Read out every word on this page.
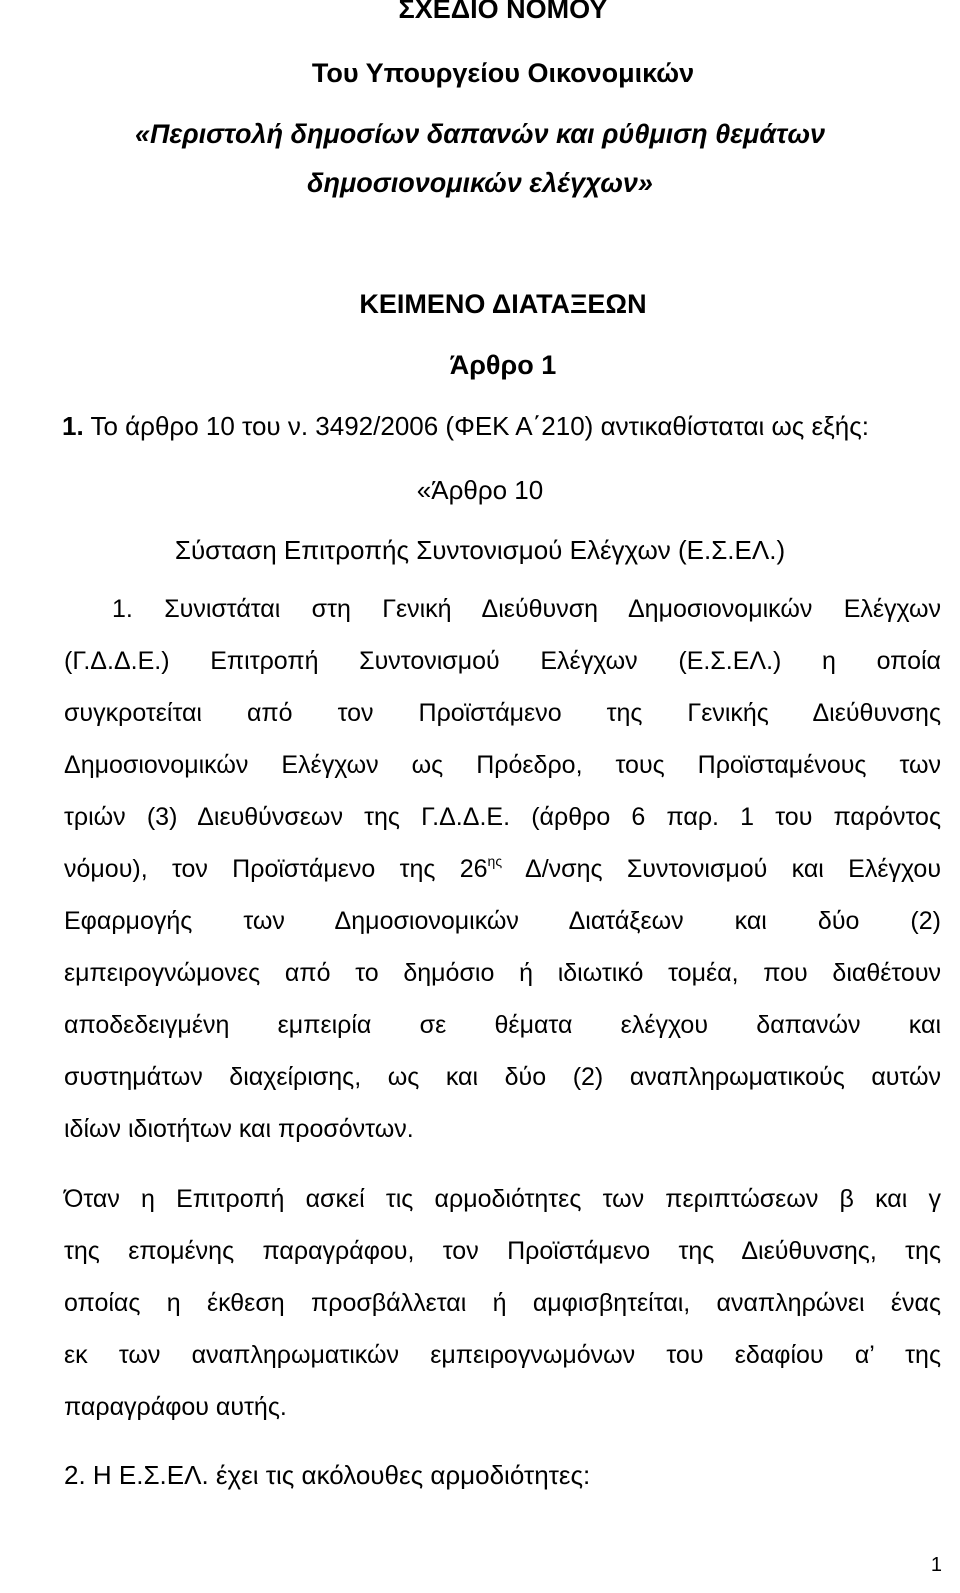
ΣΧΕΔΙΟ ΝΟΜΟΥ
Του Υπουργείου Οικονομικών
«Περιστολή δημοσίων δαπανών και ρύθμιση θεμάτων
δημοσιονομικών ελέγχων»
ΚΕΙΜΕΝΟ ΔΙΑΤΑΞΕΩΝ
Άρθρο 1
1. Το άρθρο 10 του ν. 3492/2006 (ΦΕΚ Α΄210) αντικαθίσταται ως εξής:
«Άρθρο 10
Σύσταση Επιτροπής Συντονισμού Ελέγχων (Ε.Σ.ΕΛ.)
1. Συνιστάται στη Γενική Διεύθυνση Δημοσιονομικών Ελέγχων
(Γ.Δ.Δ.Ε.) Επιτροπή Συντονισμού Ελέγχων (Ε.Σ.ΕΛ.) η οποία
συγκροτείται από τον Προϊστάμενο της Γενικής Διεύθυνσης
Δημοσιονομικών Ελέγχων ως Πρόεδρο, τους Προϊσταμένους των
τριών (3) Διευθύνσεων της Γ.Δ.Δ.Ε. (άρθρο 6 παρ. 1 του παρόντος
νόμου), τον Προϊστάμενο της $26^{\eta\varsigma}$ Δ/νσης Συντονισμού και Ελέγχου
Εφαρμογής των Δημοσιονομικών Διατάξεων και δύο (2)
εμπειρογνώμονες από το δημόσιο ή ιδιωτικό τομέα, που διαθέτουν
αποδεδειγμένη εμπειρία σε θέματα ελέγχου δαπανών και
συστημάτων διαχείρισης, ως και δύο (2) αναπληρωματικούς αυτών
ιδίων ιδιοτήτων και προσόντων.
Όταν η Επιτροπή ασκεί τις αρμοδιότητες των περιπτώσεων β και γ
της επομένης παραγράφου, τον Προϊστάμενο της Διεύθυνσης, της
οποίας η έκθεση προσβάλλεται ή αμφισβητείται, αναπληρώνει ένας
εκ των αναπληρωματικών εμπειρογνωμόνων του εδαφίου α’ της
παραγράφου αυτής.
2. Η Ε.Σ.ΕΛ. έχει τις ακόλουθες αρμοδιότητες:
1
